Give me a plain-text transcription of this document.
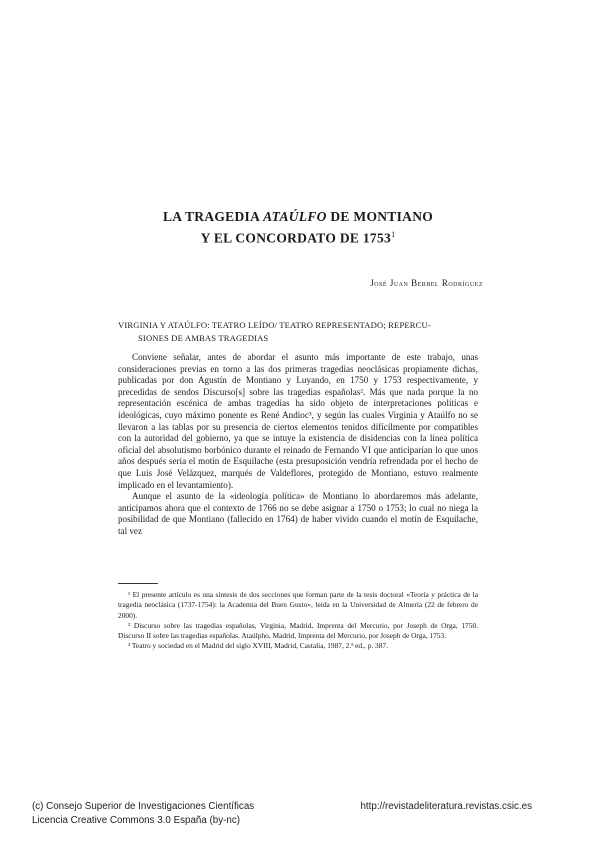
LA TRAGEDIA ATAÚLFO DE MONTIANO
Y EL CONCORDATO DE 1753$^1$
José Juan Berbel Rodríguez
VIRGINIA Y ATAÚLFO: TEATRO LEÍDO/ TEATRO REPRESENTADO; REPERCU-
SIONES DE AMBAS TRAGEDIAS

Conviene señalar, antes de abordar el asunto más importante de este trabajo, unas consideraciones previas en torno a las dos primeras tragedias neoclásicas propiamente dichas, publicadas por don Agustín de Montiano y Luyando, en 1750 y 1753 respectivamente, y precedidas de sendos Discurso[s] sobre las tragedias españolas². Más que nada porque la no representación escénica de ambas tragedias ha sido objeto de interpretaciones políticas e ideológicas, cuyo máximo ponente es René Andioc³, y según las cuales Virginia y Ataúlfo no se llevaron a las tablas por su presencia de ciertos elementos tenidos difícilmente por compatibles con la autoridad del gobierno, ya que se intuye la existencia de disidencias con la línea política oficial del absolutismo borbónico durante el reinado de Fernando VI que anticiparían lo que unos años después sería el motín de Esquilache (esta presuposición vendría refrendada por el hecho de que Luis José Velázquez, marqués de Valdeflores, protegido de Montiano, estuvo realmente implicado en el levantamiento).

Aunque el asunto de la «ideología política» de Montiano lo abordaremos más adelante, anticipamos ahora que el contexto de 1766 no se debe asignar a 1750 o 1753; lo cual no niega la posibilidad de que Montiano (fallecido en 1764) de haber vivido cuando el motín de Esquilache, tal vez

¹ El presente artículo es una síntesis de dos secciones que forman parte de la tesis doctoral «Teoría y práctica de la tragedia neoclásica (1737-1754): la Academia del Buen Gusto», leída en la Universidad de Almería (22 de febrero de 2000).

² Discurso sobre las tragedias españolas, Virginia, Madrid, Imprenta del Mercurio, por Joseph de Orga, 1750. Discurso II sobre las tragedias españolas. Ataúlpho, Madrid, Imprenta del Mercurio, por Joseph de Orga, 1753.

³ Teatro y sociedad en el Madrid del siglo XVIII, Madrid, Castalia, 1987, 2.ª ed., p. 387.

(c) Consejo Superior de Investigaciones Científicas
Licencia Creative Commons 3.0 España (by-nc)
http://revistadeliteratura.revistas.csic.es
